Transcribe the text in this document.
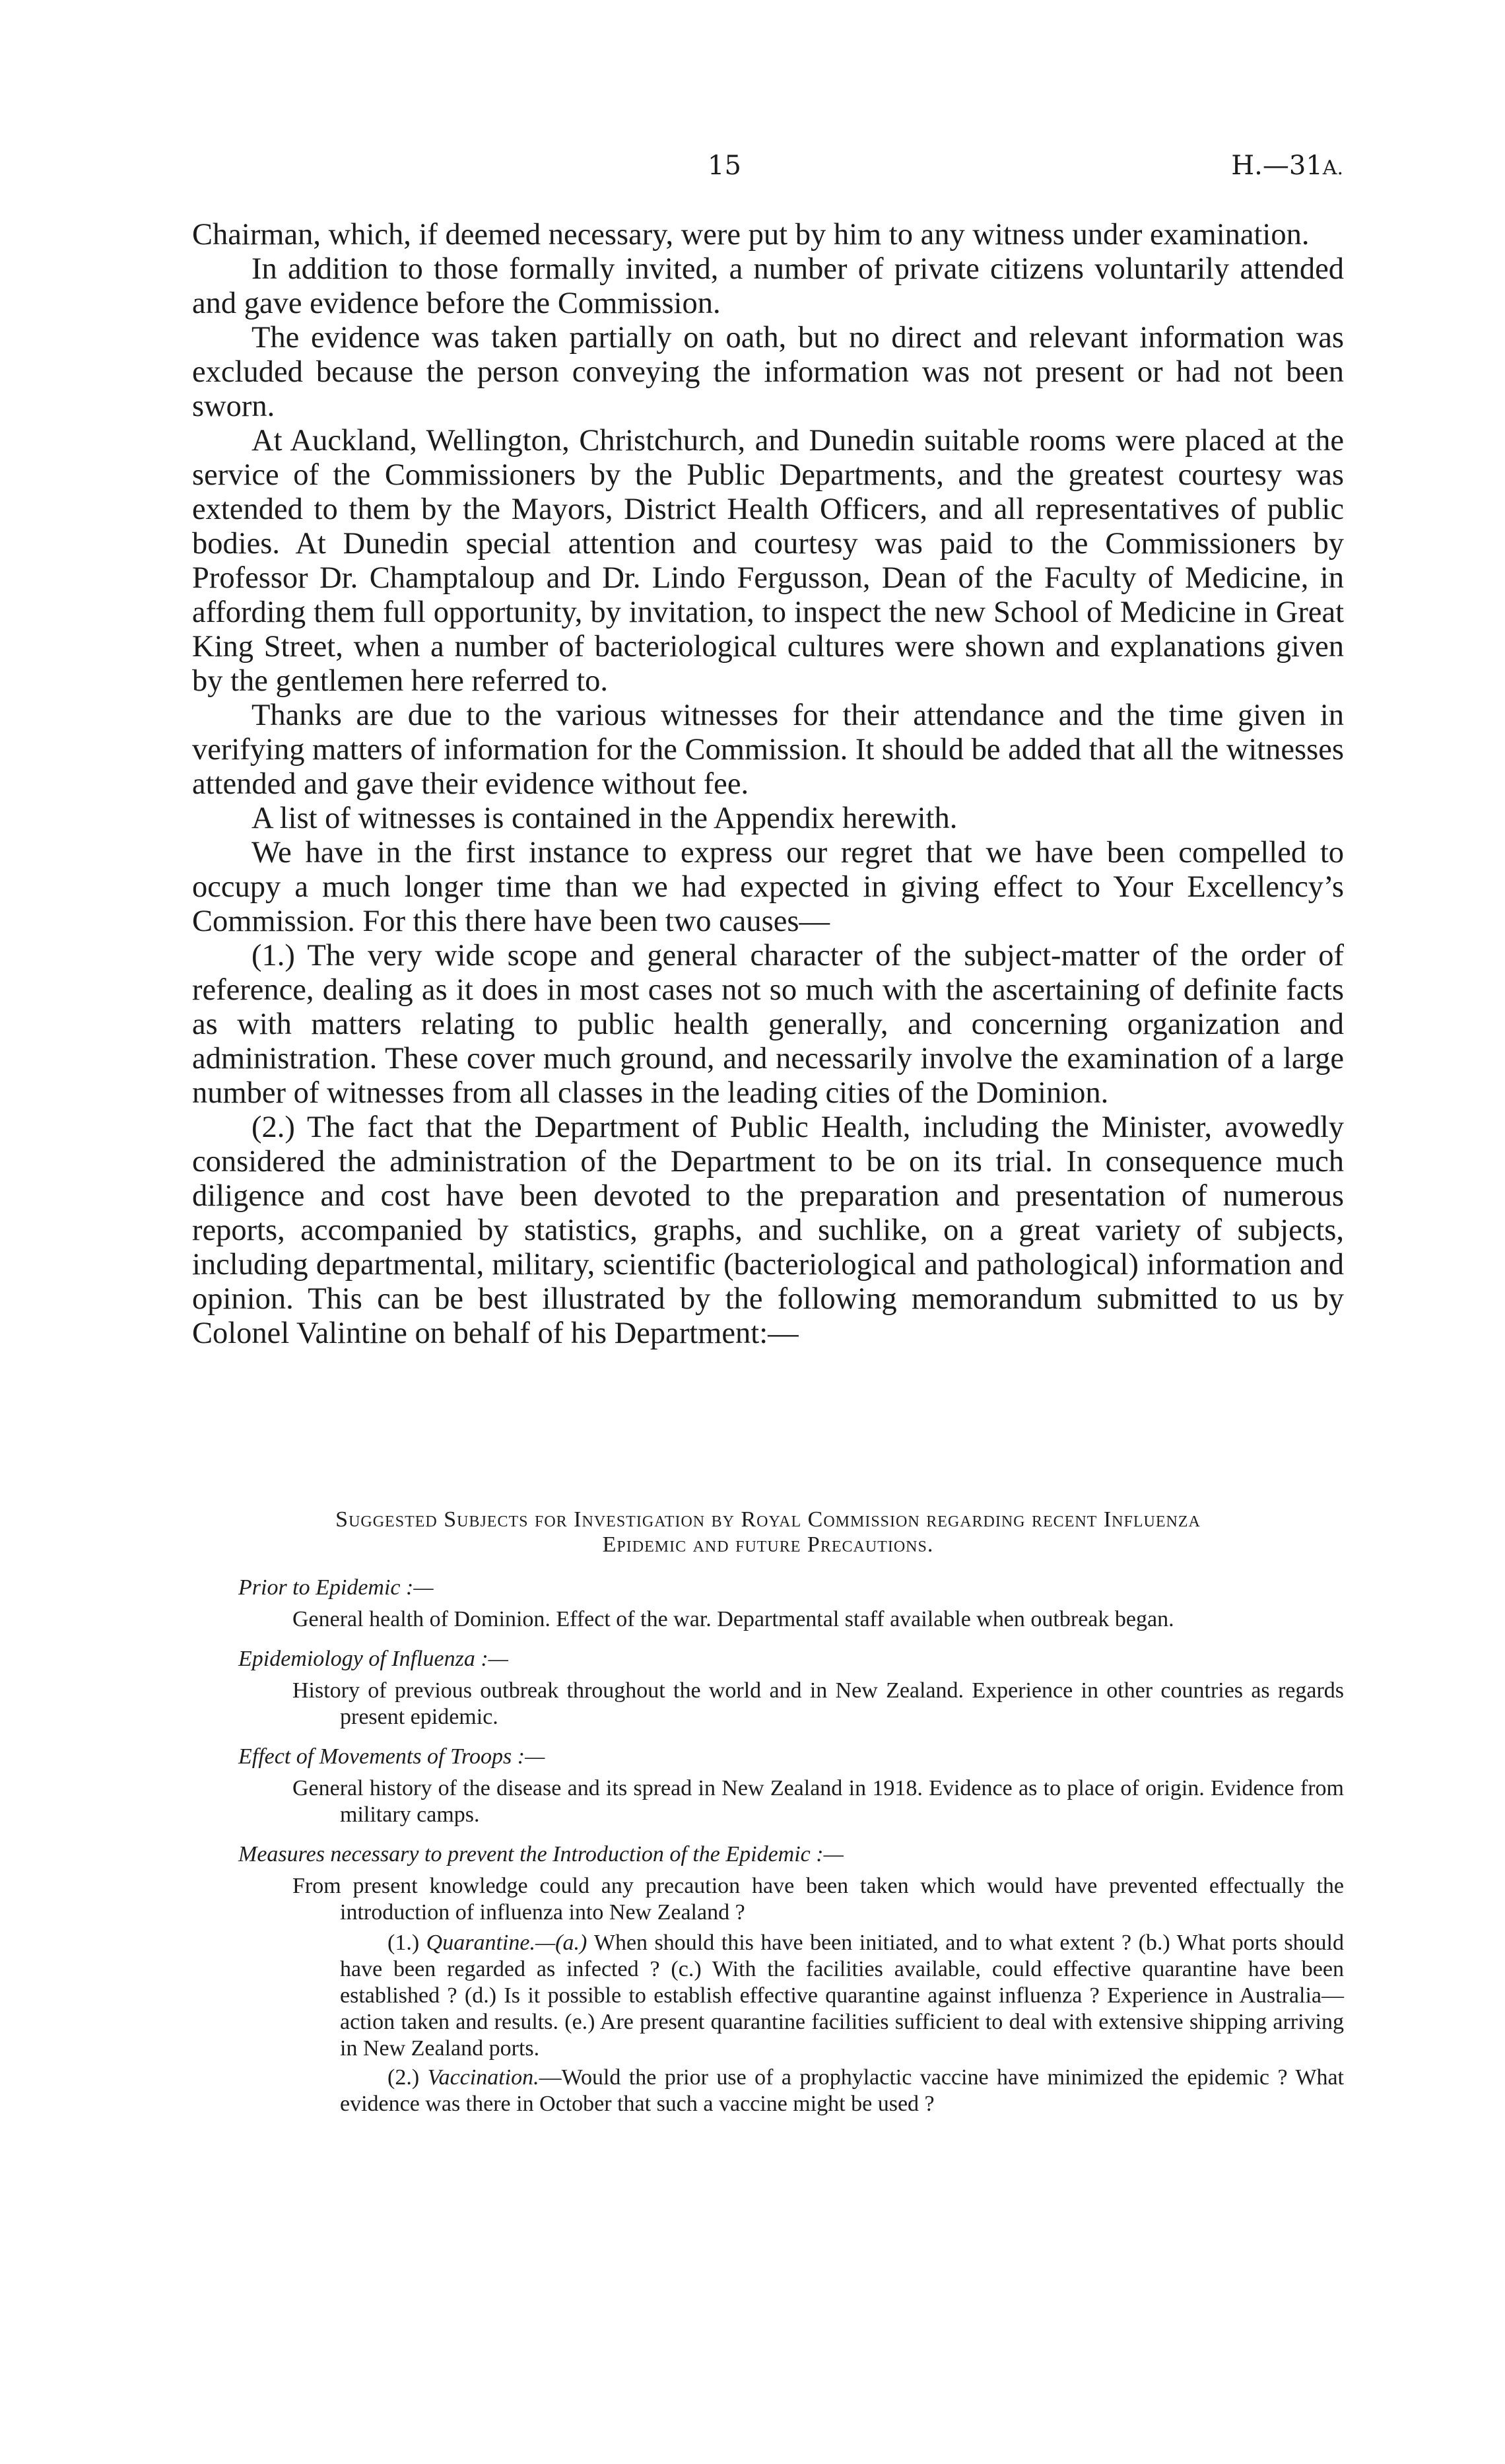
15	H.—31A.

Chairman, which, if deemed necessary, were put by him to any witness under examination.

In addition to those formally invited, a number of private citizens voluntarily attended and gave evidence before the Commission.

The evidence was taken partially on oath, but no direct and relevant information was excluded because the person conveying the information was not present or had not been sworn.

At Auckland, Wellington, Christchurch, and Dunedin suitable rooms were placed at the service of the Commissioners by the Public Departments, and the greatest courtesy was extended to them by the Mayors, District Health Officers, and all representatives of public bodies. At Dunedin special attention and courtesy was paid to the Commissioners by Professor Dr. Champtaloup and Dr. Lindo Fergusson, Dean of the Faculty of Medicine, in affording them full opportunity, by invitation, to inspect the new School of Medicine in Great King Street, when a number of bacteriological cultures were shown and explanations given by the gentlemen here referred to.

Thanks are due to the various witnesses for their attendance and the time given in verifying matters of information for the Commission. It should be added that all the witnesses attended and gave their evidence without fee.

A list of witnesses is contained in the Appendix herewith.

We have in the first instance to express our regret that we have been compelled to occupy a much longer time than we had expected in giving effect to Your Excellency’s Commission. For this there have been two causes—

(1.) The very wide scope and general character of the subject-matter of the order of reference, dealing as it does in most cases not so much with the ascertaining of definite facts as with matters relating to public health generally, and concerning organization and administration. These cover much ground, and necessarily involve the examination of a large number of witnesses from all classes in the leading cities of the Dominion.

(2.) The fact that the Department of Public Health, including the Minister, avowedly considered the administration of the Department to be on its trial. In consequence much diligence and cost have been devoted to the preparation and presentation of numerous reports, accompanied by statistics, graphs, and suchlike, on a great variety of subjects, including departmental, military, scientific (bacteriological and pathological) information and opinion. This can be best illustrated by the following memorandum submitted to us by Colonel Valintine on behalf of his Department:—

Suggested Subjects for Investigation by Royal Commission regarding recent Influenza
Epidemic and future Precautions.
Prior to Epidemic :—
General health of Dominion. Effect of the war. Departmental staff available when outbreak began.
Epidemiology of Influenza :—
History of previous outbreak throughout the world and in New Zealand. Experience in other countries as regards present epidemic.
Effect of Movements of Troops :—
General history of the disease and its spread in New Zealand in 1918. Evidence as to place of origin. Evidence from military camps.
Measures necessary to prevent the Introduction of the Epidemic :—
From present knowledge could any precaution have been taken which would have prevented effectually the introduction of influenza into New Zealand ?
(1.) Quarantine.—(a.) When should this have been initiated, and to what extent ? (b.) What ports should have been regarded as infected ? (c.) With the facilities available, could effective quarantine have been established ? (d.) Is it possible to establish effective quarantine against influenza ? Experience in Australia—action taken and results. (e.) Are present quarantine facilities sufficient to deal with extensive shipping arriving in New Zealand ports.
(2.) Vaccination.—Would the prior use of a prophylactic vaccine have minimized the epidemic ? What evidence was there in October that such a vaccine might be used ?
